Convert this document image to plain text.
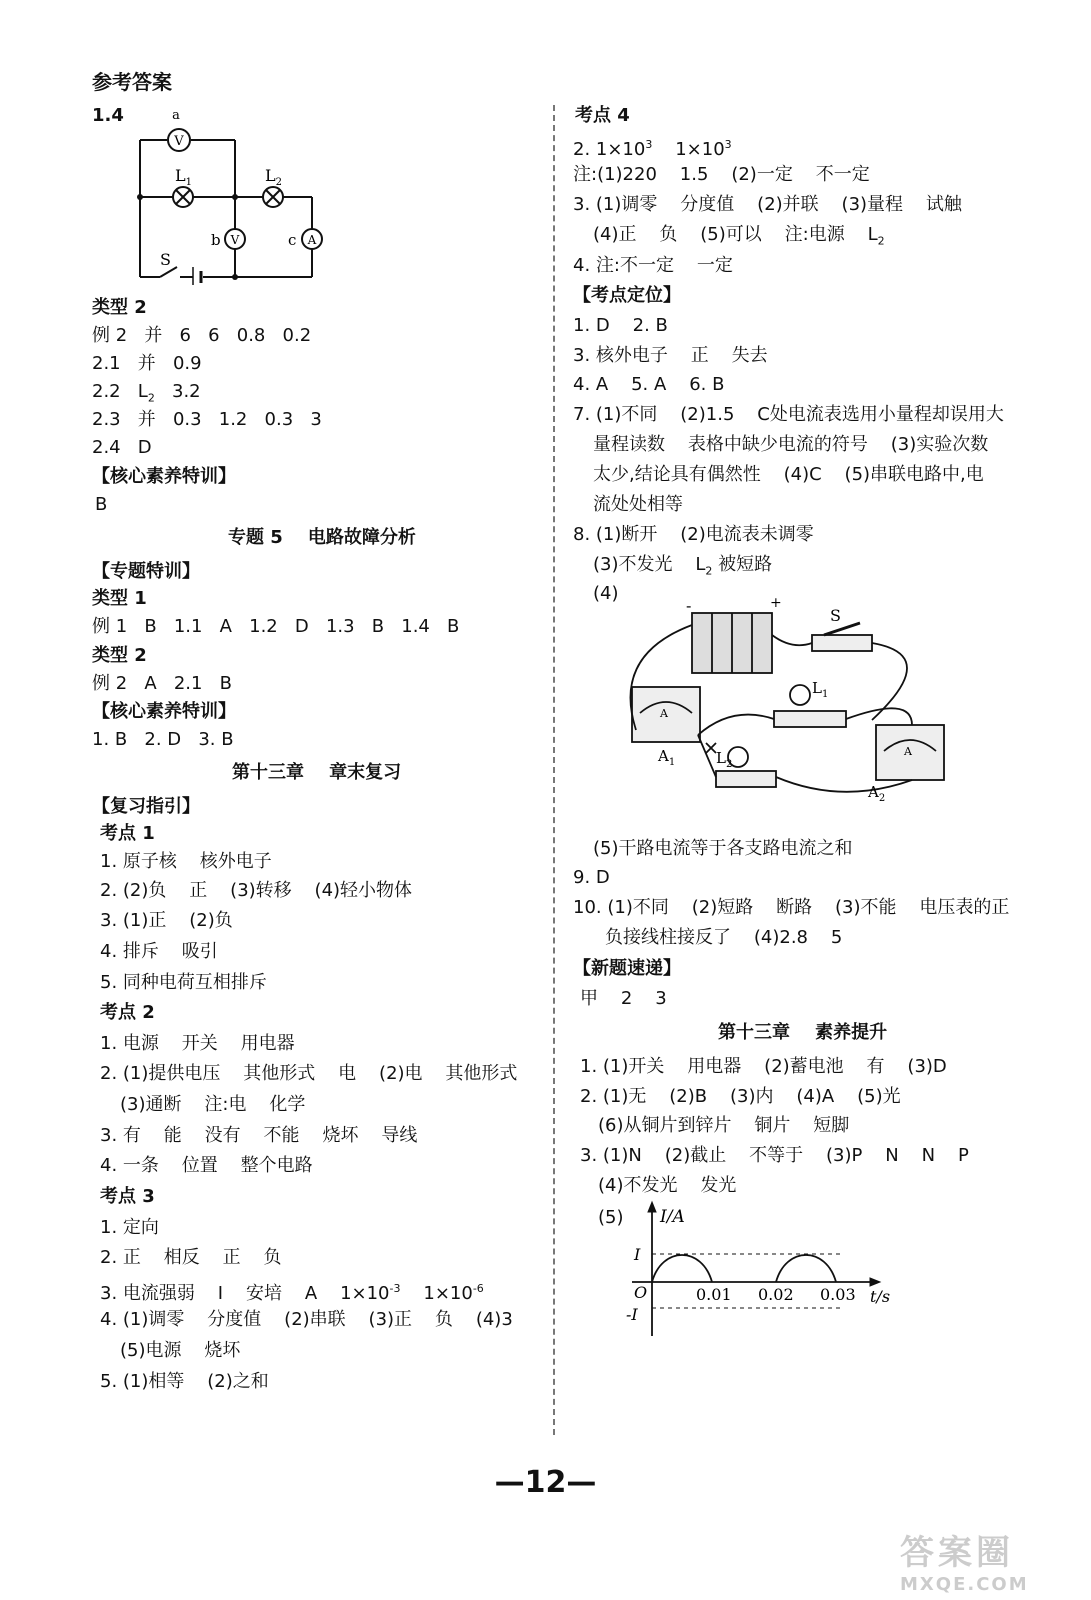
参考答案
1.4
V
a
$L_1$	$L_2$
V	A
b	c
S
类型 2
例 2   并   6   6   0.8   0.2
2.1   并   0.9
2.2   $L_2$   3.2
2.3   并   0.3   1.2   0.3   3
2.4   D
【核心素养特训】
B
专题 5    电路故障分析
【专题特训】
类型 1
例 1   B   1.1   A   1.2   D   1.3   B   1.4   B
类型 2
例 2   A   2.1   B
【核心素养特训】
1. B   2. D   3. B
第十三章    章末复习
【复习指引】
考点 1
1. 原子核    核外电子
2. (2)负    正    (3)转移    (4)轻小物体
3. (1)正    (2)负
4. 排斥    吸引
5. 同种电荷互相排斥
考点 2
1. 电源    开关    用电器
2. (1)提供电压    其他形式    电    (2)电    其他形式
(3)通断    注:电    化学
3. 有    能    没有    不能    烧坏    导线
4. 一条    位置    整个电路
考点 3
1. 定向
2. 正    相反    正    负
3. 电流强弱    I    安培    A    $1\times 10^{-3}$    $1\times 10^{-6}$
4. (1)调零    分度值    (2)串联    (3)正    负    (4)3
(5)电源    烧坏
5. (1)相等    (2)之和
考点 4
2. $1\times 10^3$    $1\times 10^3$
注:(1)220    1.5    (2)一定    不一定
3. (1)调零    分度值    (2)并联    (3)量程    试触
(4)正    负    (5)可以    注:电源    $L_2$
4. 注:不一定    一定
【考点定位】
1. D    2. B
3. 核外电子    正    失去
4. A    5. A    6. B
7. (1)不同    (2)1.5    C处电流表选用小量程却误用大
量程读数    表格中缺少电流的符号    (3)实验次数
太少,结论具有偶然性    (4)C    (5)串联电路中,电
流处处相等
8. (1)断开    (2)电流表未调零
(3)不发光    $L_2$ 被短路
(4)
-	+
S
A
A
$L_1$
$L_2$
$A_1$
$A_2$
(5)干路电流等于各支路电流之和
9. D
10. (1)不同    (2)短路    断路    (3)不能    电压表的正
负接线柱接反了    (4)2.8    5
【新题速递】
甲    2    3
第十三章    素养提升
1. (1)开关    用电器    (2)蓄电池    有    (3)D
2. (1)无    (2)B    (3)内    (4)A    (5)光
(6)从铜片到锌片    铜片    短脚
3. (1)N    (2)截止    不等于    (3)P    N    N    P
(4)不发光    发光
(5) I/A
t/s
I
-I
O	0.01 0.02 0.03
—12—
答案圈
MXQE.COM
